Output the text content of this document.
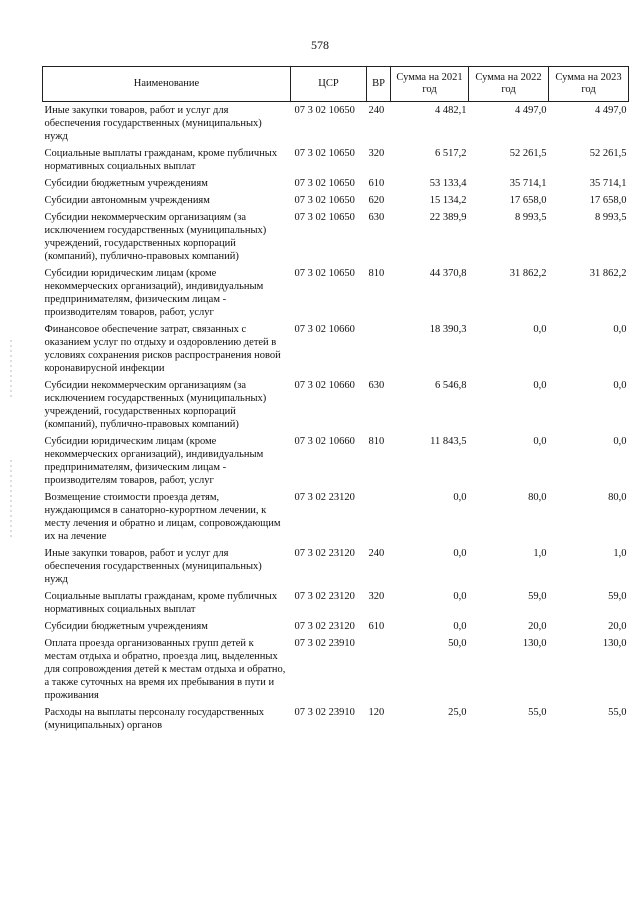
578
Наименование	ЦСР	ВР	Сумма на 2021 год	Сумма на 2022 год	Сумма на 2023 год
Иные закупки товаров, работ и услуг для обеспечения государственных (муниципальных) нужд	07 3 02 10650	240	4 482,1	4 497,0	4 497,0
Социальные выплаты гражданам, кроме публичных нормативных социальных выплат	07 3 02 10650	320	6 517,2	52 261,5	52 261,5
Субсидии бюджетным учреждениям	07 3 02 10650	610	53 133,4	35 714,1	35 714,1
Субсидии автономным учреждениям	07 3 02 10650	620	15 134,2	17 658,0	17 658,0
Субсидии некоммерческим организациям (за исключением государственных (муниципальных) учреждений, государственных корпораций (компаний), публично-правовых компаний)	07 3 02 10650	630	22 389,9	8 993,5	8 993,5
Субсидии юридическим лицам (кроме некоммерческих организаций), индивидуальным предпринимателям, физическим лицам - производителям товаров, работ, услуг	07 3 02 10650	810	44 370,8	31 862,2	31 862,2
Финансовое обеспечение затрат, связанных с оказанием услуг по отдыху и оздоровлению детей в условиях сохранения рисков распространения новой коронавирусной инфекции	07 3 02 10660		18 390,3	0,0	0,0
Субсидии некоммерческим организациям (за исключением государственных (муниципальных) учреждений, государственных корпораций (компаний), публично-правовых компаний)	07 3 02 10660	630	6 546,8	0,0	0,0
Субсидии юридическим лицам (кроме некоммерческих организаций), индивидуальным предпринимателям, физическим лицам - производителям товаров, работ, услуг	07 3 02 10660	810	11 843,5	0,0	0,0
Возмещение стоимости проезда детям, нуждающимся в санаторно-курортном лечении, к месту лечения и обратно и лицам, сопровождающим их на лечение	07 3 02 23120		0,0	80,0	80,0
Иные закупки товаров, работ и услуг для обеспечения государственных (муниципальных) нужд	07 3 02 23120	240	0,0	1,0	1,0
Социальные выплаты гражданам, кроме публичных нормативных социальных выплат	07 3 02 23120	320	0,0	59,0	59,0
Субсидии бюджетным учреждениям	07 3 02 23120	610	0,0	20,0	20,0
Оплата проезда организованных групп детей к местам отдыха и обратно, проезда лиц, выделенных для сопровождения детей к местам отдыха и обратно, а также суточных на время их пребывания в пути и проживания	07 3 02 23910		50,0	130,0	130,0
Расходы на выплаты персоналу государственных (муниципальных) органов	07 3 02 23910	120	25,0	55,0	55,0
